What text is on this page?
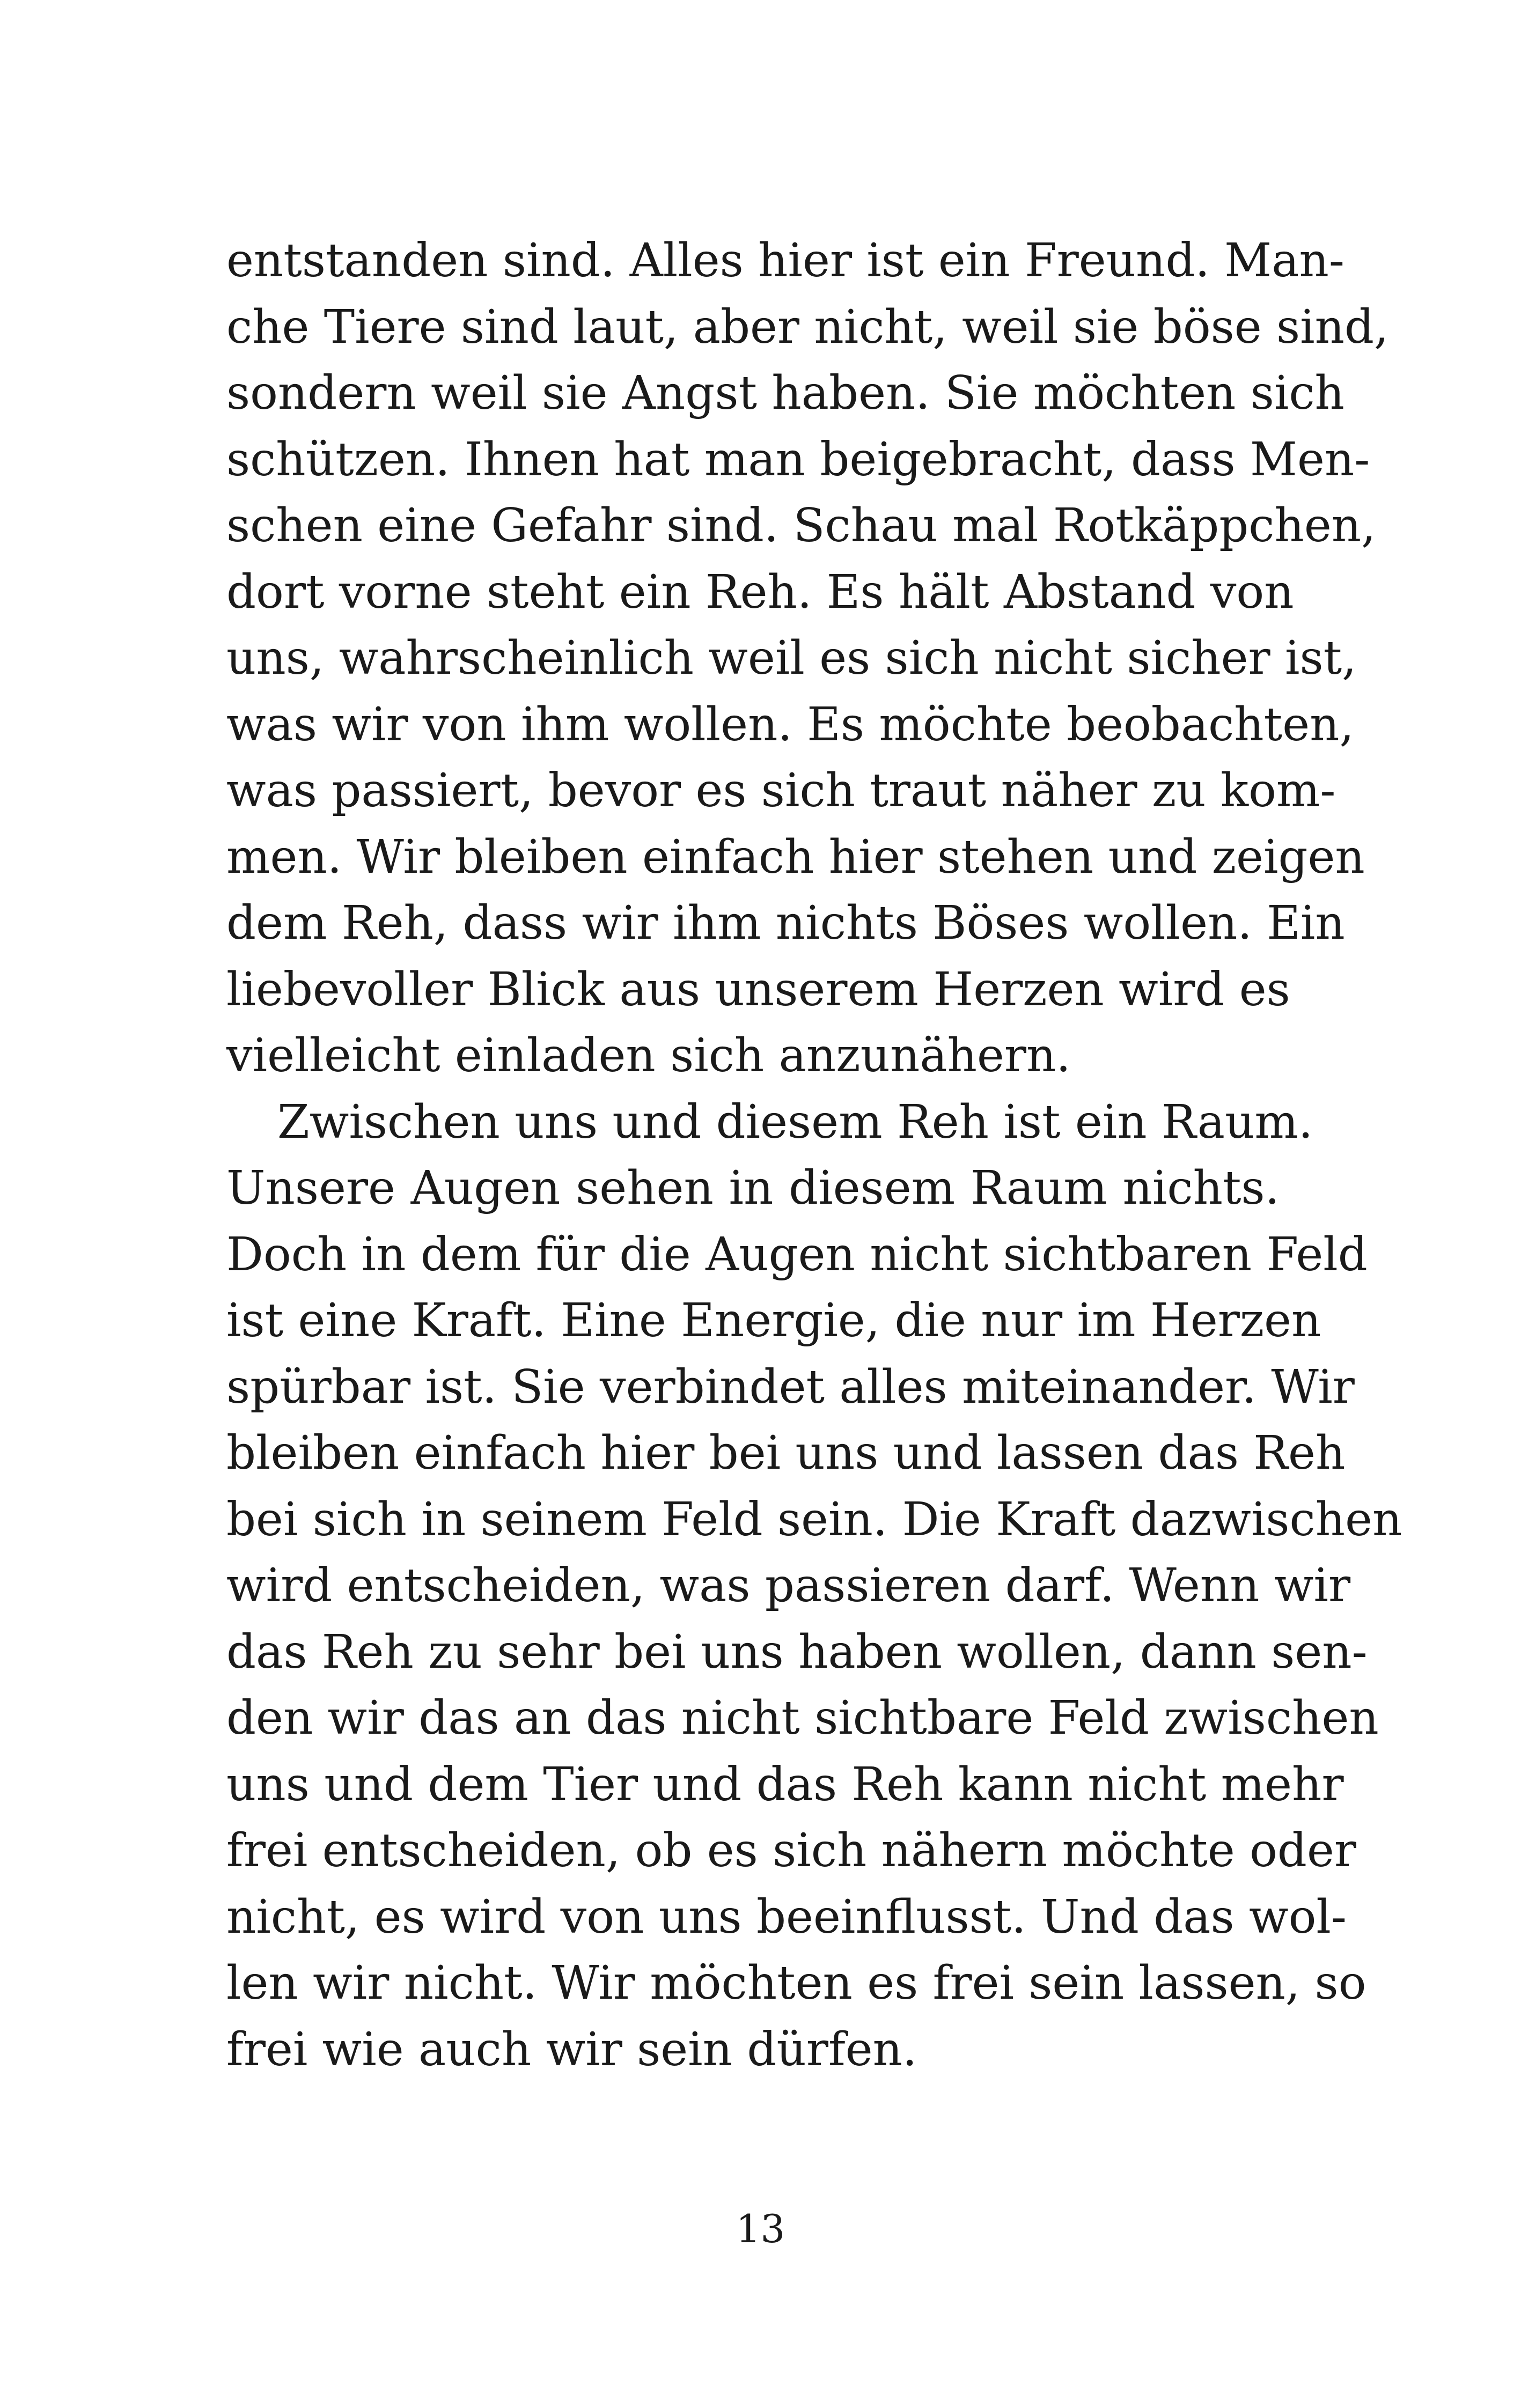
entstanden sind. Alles hier ist ein Freund. Man-
che Tiere sind laut, aber nicht, weil sie böse sind,
sondern weil sie Angst haben. Sie möchten sich
schützen. Ihnen hat man beigebracht, dass Men-
schen eine Gefahr sind. Schau mal Rotkäppchen,
dort vorne steht ein Reh. Es hält Abstand von
uns, wahrscheinlich weil es sich nicht sicher ist,
was wir von ihm wollen. Es möchte beobachten,
was passiert, bevor es sich traut näher zu kom-
men. Wir bleiben einfach hier stehen und zeigen
dem Reh, dass wir ihm nichts Böses wollen. Ein
liebevoller Blick aus unserem Herzen wird es
vielleicht einladen sich anzunähern.
Zwischen uns und diesem Reh ist ein Raum.
Unsere Augen sehen in diesem Raum nichts.
Doch in dem für die Augen nicht sichtbaren Feld
ist eine Kraft. Eine Energie, die nur im Herzen
spürbar ist. Sie verbindet alles miteinander. Wir
bleiben einfach hier bei uns und lassen das Reh
bei sich in seinem Feld sein. Die Kraft dazwischen
wird entscheiden, was passieren darf. Wenn wir
das Reh zu sehr bei uns haben wollen, dann sen-
den wir das an das nicht sichtbare Feld zwischen
uns und dem Tier und das Reh kann nicht mehr
frei entscheiden, ob es sich nähern möchte oder
nicht, es wird von uns beeinflusst. Und das wol-
len wir nicht. Wir möchten es frei sein lassen, so
frei wie auch wir sein dürfen.
13
